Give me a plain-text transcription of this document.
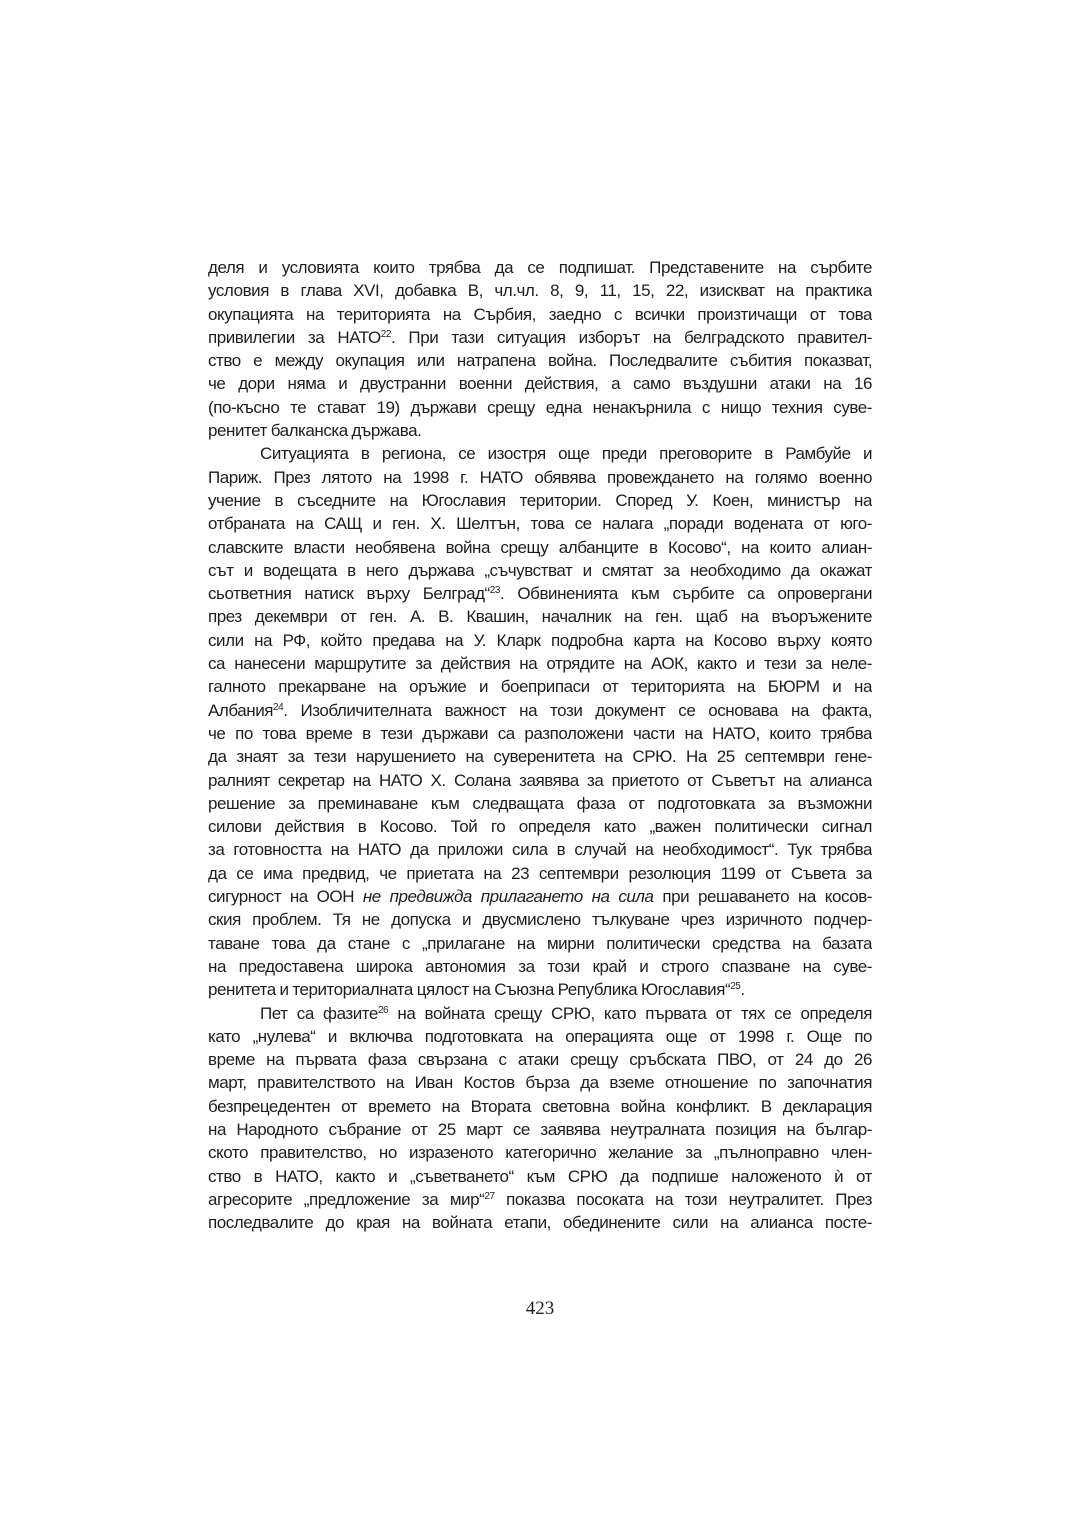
деля и условията които трябва да се подпишат. Представените на сърбите
условия в глава XVI, добавка B, чл.чл. 8, 9, 11, 15, 22, изискват на практика
окупацията на територията на Сърбия, заедно с всички произтичащи от това
привилегии за НАТО$^{22}$. При тази ситуация изборът на белградското правител-
ство е между окупация или натрапена война. Последвалите събития показват,
че дори няма и двустранни военни действия, а само въздушни атаки на 16
(по-късно те стават 19) държави срещу една ненакърнила с нищо техния суве-
ренитет балканска държава.

Ситуацията в региона, се изостря още преди преговорите в Рамбуйе и
Париж. През лятото на 1998 г. НАТО обявява провеждането на голямо военно
учение в съседните на Югославия територии. Според У. Коен, министър на
отбраната на САЩ и ген. Х. Шелтън, това се налага „поради водената от юго-
славските власти необявена война срещу албанците в Косово“, на които алиан-
сът и водещата в него държава „съчувстват и смятат за необходимо да окажат
сьответния натиск върху Белград“$^{23}$. Обвиненията към сърбите са опровергани
през декември от ген. А. В. Квашин, началник на ген. щаб на въоръжените
сили на РФ, който предава на У. Кларк подробна карта на Косово върху която
са нанесени маршрутите за действия на отрядите на АОК, както и тези за неле-
галното прекарване на оръжие и боеприпаси от територията на БЮРМ и на
Албания$^{24}$. Изобличителната важност на този документ се основава на факта,
че по това време в тези държави са разположени части на НАТО, които трябва
да знаят за тези нарушението на суверенитета на СРЮ. На 25 септември гене-
ралният секретар на НАТО Х. Солана заявява за приетото от Съветът на алианса
решение за преминаване към следващата фаза от подготовката за възможни
силови действия в Косово. Той го определя като „важен политически сигнал
за готовността на НАТО да приложи сила в случай на необходимост“. Тук трябва
да се има предвид, че приетата на 23 септември резолюция 1199 от Съвета за
сигурност на ООН не предвижда прилагането на сила при решаването на косов-
ския проблем. Тя не допуска и двусмислено тълкуване чрез изричното подчер-
таване това да стане с „прилагане на мирни политически средства на базата
на предоставена широка автономия за този край и строго спазване на суве-
ренитета и териториалната цялост на Съюзна Република Югославия“$^{25}$.

Пет са фазите$^{26}$ на войната срещу СРЮ, като първата от тях се определя
като „нулева“ и включва подготовката на операцията още от 1998 г. Още по
време на първата фаза свързана с атаки срещу сръбската ПВО, от 24 до 26
март, правителството на Иван Костов бърза да вземе отношение по започнатия
безпрецедентен от времето на Втората световна война конфликт. В декларация
на Народното събрание от 25 март се заявява неутралната позиция на българ-
ското правителство, но изразеното категорично желание за „пълноправно член-
ство в НАТО, както и „съветването“ към СРЮ да подпише наложеното ѝ от
агресорите „предложение за мир“$^{27}$ показва посоката на този неутралитет. През
последвалите до края на войната етапи, обединените сили на алианса посте-

423
